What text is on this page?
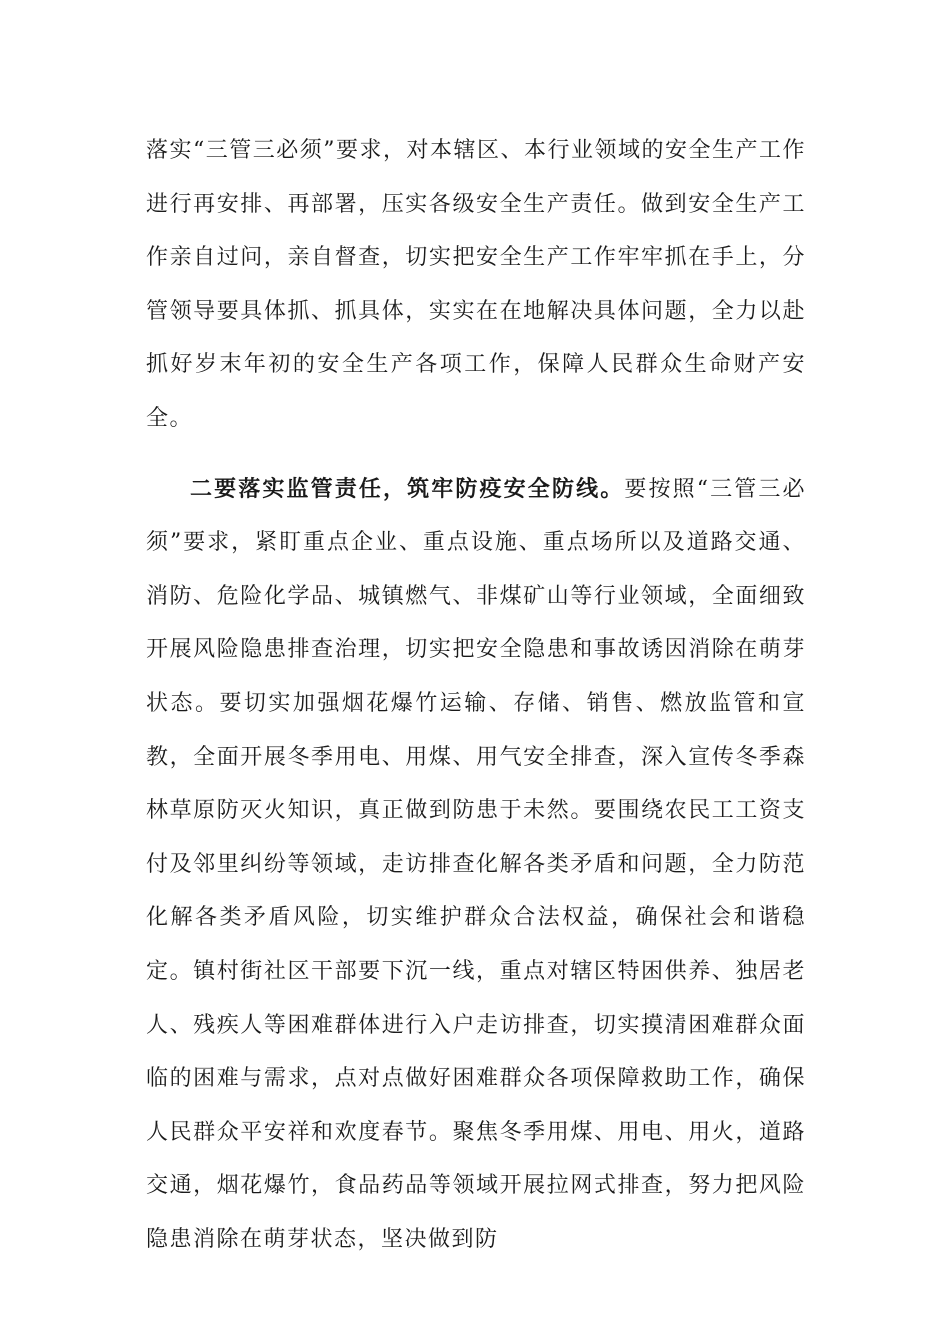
落实“三管三必须”要求，对本辖区、本行业领域的安全生产工作进行再安排、再部署，压实各级安全生产责任。做到安全生产工作亲自过问，亲自督查，切实把安全生产工作牢牢抓在手上，分管领导要具体抓、抓具体，实实在在地解决具体问题，全力以赴抓好岁末年初的安全生产各项工作，保障人民群众生命财产安全。

二要落实监管责任，筑牢防疫安全防线。要按照“三管三必须”要求，紧盯重点企业、重点设施、重点场所以及道路交通、消防、危险化学品、城镇燃气、非煤矿山等行业领域，全面细致开展风险隐患排查治理，切实把安全隐患和事故诱因消除在萌芽状态。要切实加强烟花爆竹运输、存储、销售、燃放监管和宣教，全面开展冬季用电、用煤、用气安全排查，深入宣传冬季森林草原防灭火知识，真正做到防患于未然。要围绕农民工工资支付及邻里纠纷等领域，走访排查化解各类矛盾和问题，全力防范化解各类矛盾风险，切实维护群众合法权益，确保社会和谐稳定。镇村街社区干部要下沉一线，重点对辖区特困供养、独居老人、残疾人等困难群体进行入户走访排查，切实摸清困难群众面临的困难与需求，点对点做好困难群众各项保障救助工作，确保人民群众平安祥和欢度春节。聚焦冬季用煤、用电、用火，道路交通，烟花爆竹，食品药品等领域开展拉网式排查，努力把风险隐患消除在萌芽状态，坚决做到防
